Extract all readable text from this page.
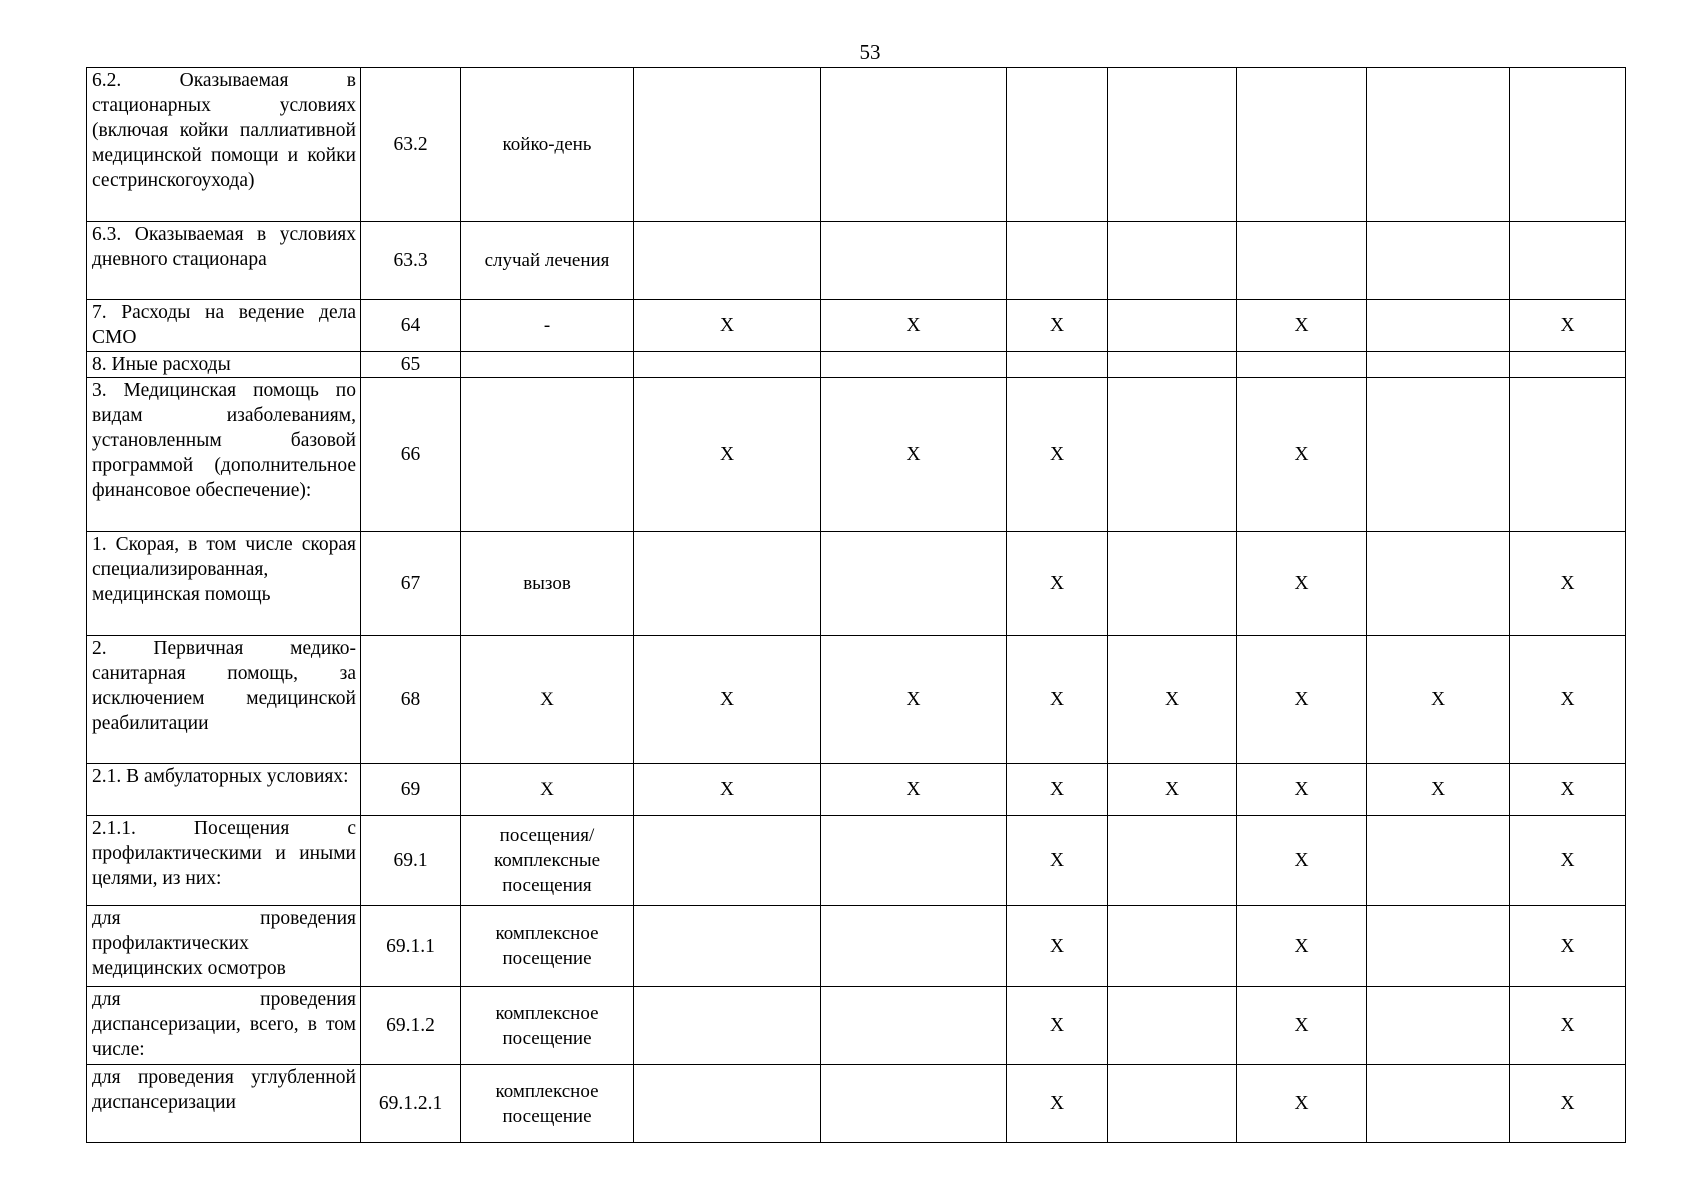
53
6.2. Оказываемая в стационарных условиях (включая койки паллиативной медицинской помощи и койки сестринскогоухода)	63.2	койко-день							
6.3. Оказываемая в условиях дневного стационара	63.3	случай лечения							
7. Расходы на ведение дела СМО	64	-	X	X	X		X		X
8. Иные расходы	65								
3. Медицинская помощь по видам изаболеваниям, установленным базовой программой (дополнительное финансовое обеспечение):	66		X	X	X		X		
1. Скорая, в том числе скорая специализированная, медицинская помощь	67	вызов			X		X		X
2. Первичная медико-санитарная помощь, за исключением медицинской реабилитации	68	X	X	X	X	X	X	X	X
2.1. В амбулаторных условиях:	69	X	X	X	X	X	X	X	X
2.1.1. Посещения с профилактическими и иными целями, из них:	69.1	посещения/ комплексные посещения			X		X		X
для проведения профилактических медицинских осмотров	69.1.1	комплексное посещение			X		X		X
для проведения диспансеризации, всего, в том числе:	69.1.2	комплексное посещение			X		X		X
для проведения углубленной диспансеризации	69.1.2.1	комплексное посещение			X		X		X
